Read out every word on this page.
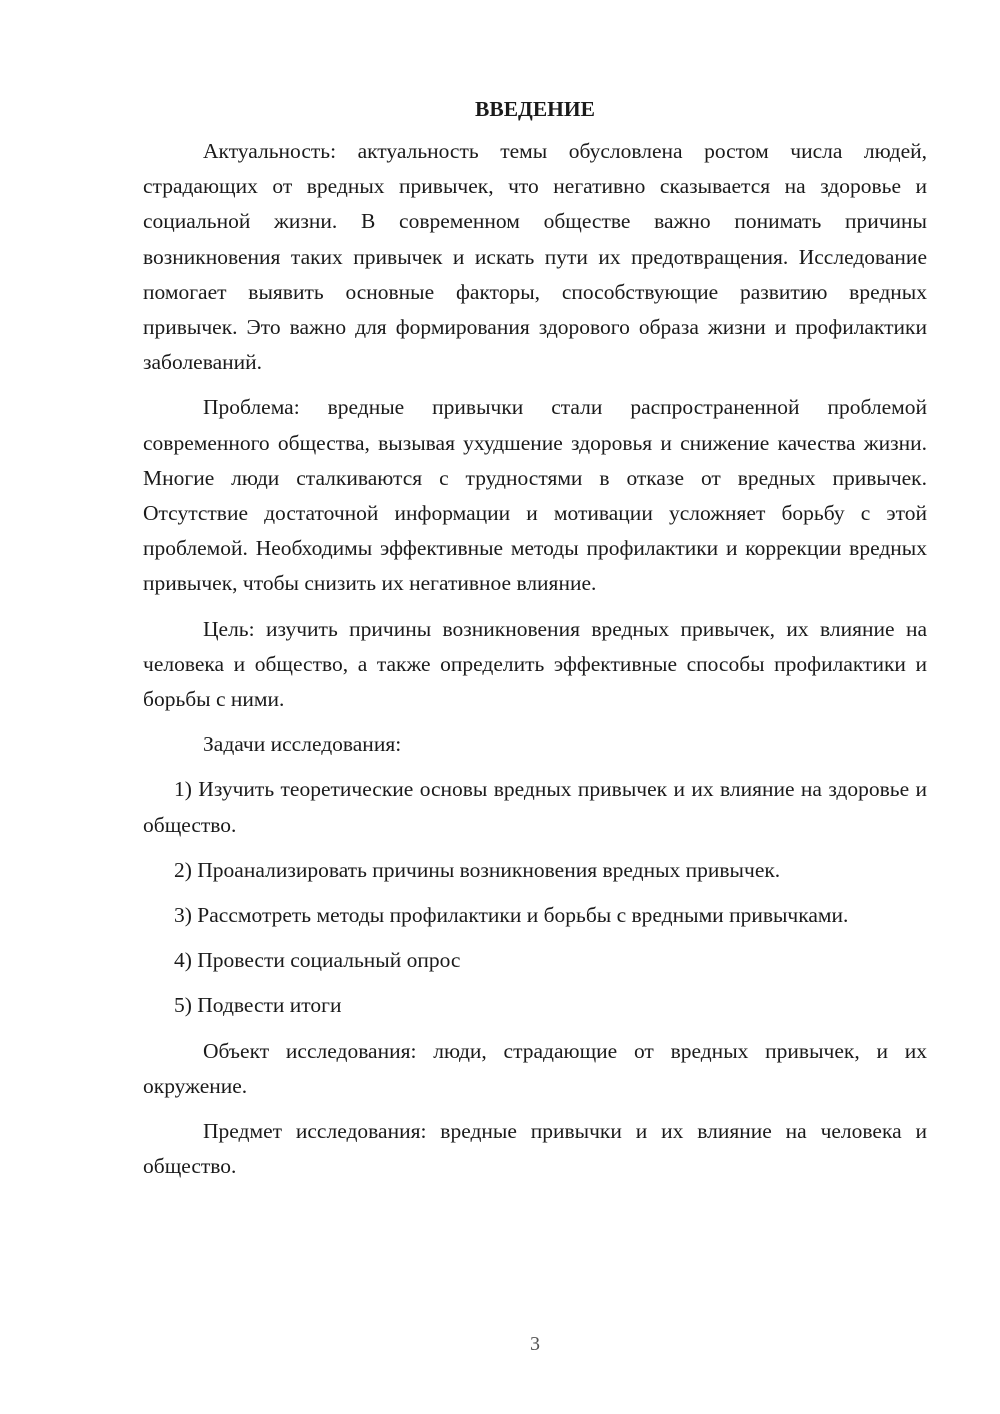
ВВЕДЕНИЕ

Актуальность: актуальность темы обусловлена ростом числа людей, страдающих от вредных привычек, что негативно сказывается на здоровье и социальной жизни. В современном обществе важно понимать причины возникновения таких привычек и искать пути их предотвращения. Исследование помогает выявить основные факторы, способствующие развитию вредных привычек. Это важно для формирования здорового образа жизни и профилактики заболеваний.

Проблема: вредные привычки стали распространенной проблемой современного общества, вызывая ухудшение здоровья и снижение качества жизни. Многие люди сталкиваются с трудностями в отказе от вредных привычек. Отсутствие достаточной информации и мотивации усложняет борьбу с этой проблемой. Необходимы эффективные методы профилактики и коррекции вредных привычек, чтобы снизить их негативное влияние.

Цель: изучить причины возникновения вредных привычек, их влияние на человека и общество, а также определить эффективные способы профилактики и борьбы с ними.

Задачи исследования:

1) Изучить теоретические основы вредных привычек и их влияние на здоровье и общество.

2) Проанализировать причины возникновения вредных привычек.

3) Рассмотреть методы профилактики и борьбы с вредными привычками.

4) Провести социальный опрос

5) Подвести итоги

Объект исследования: люди, страдающие от вредных привычек, и их окружение.

Предмет исследования: вредные привычки и их влияние на человека и общество.

3
